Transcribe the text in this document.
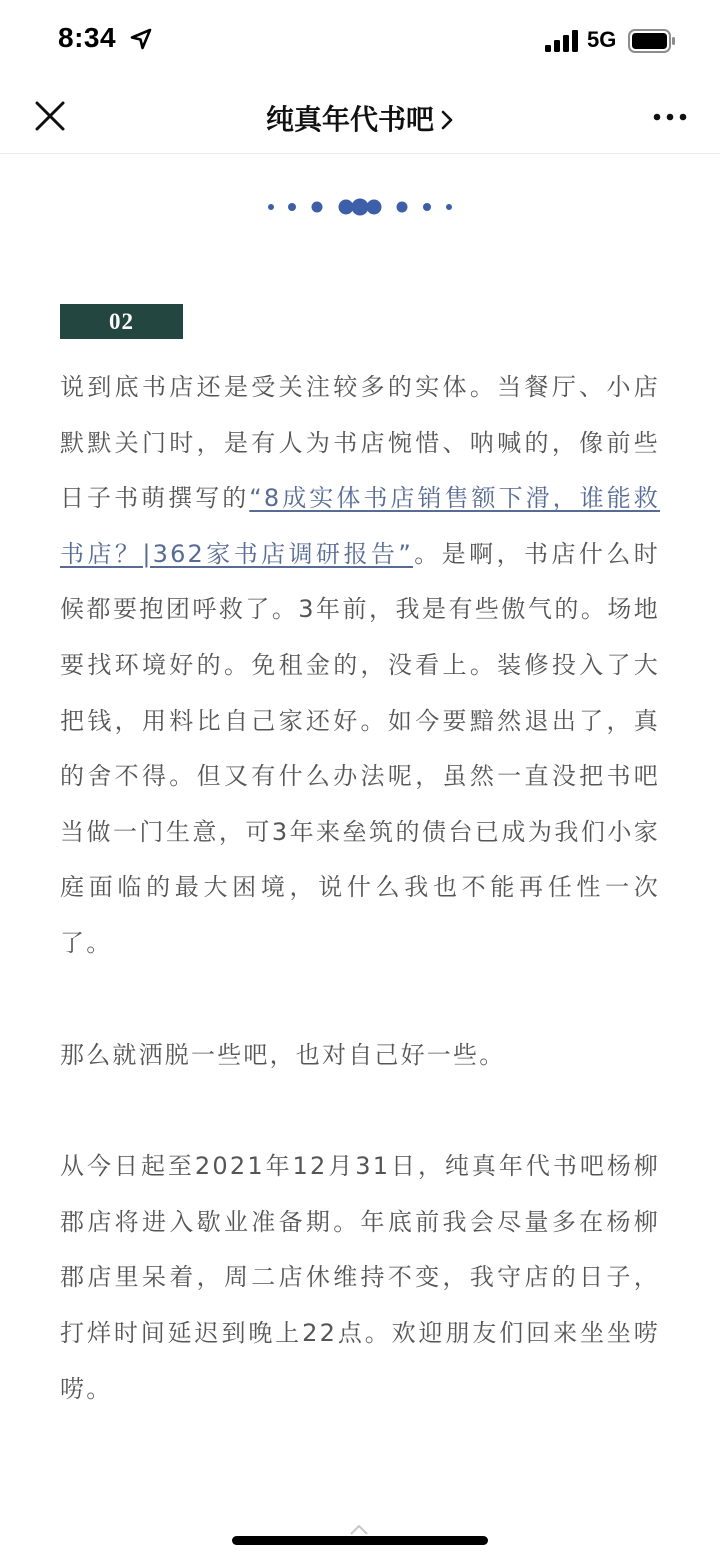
8:34	5G
纯真年代书吧
02

说到底书店还是受关注较多的实体。当餐厅、小店默默关门时，是有人为书店惋惜、呐喊的，像前些日子书萌撰写的“8成实体书店销售额下滑，谁能救书店？|362家书店调研报告”。是啊，书店什么时候都要抱团呼救了。3年前，我是有些傲气的。场地要找环境好的。免租金的，没看上。装修投入了大把钱，用料比自己家还好。如今要黯然退出了，真的舍不得。但又有什么办法呢，虽然一直没把书吧当做一门生意，可3年来垒筑的债台已成为我们小家庭面临的最大困境，说什么我也不能再任性一次了。

那么就洒脱一些吧，也对自己好一些。

从今日起至2021年12月31日，纯真年代书吧杨柳郡店将进入歇业准备期。年底前我会尽量多在杨柳郡店里呆着，周二店休维持不变，我守店的日子，打烊时间延迟到晚上22点。欢迎朋友们回来坐坐唠唠。
